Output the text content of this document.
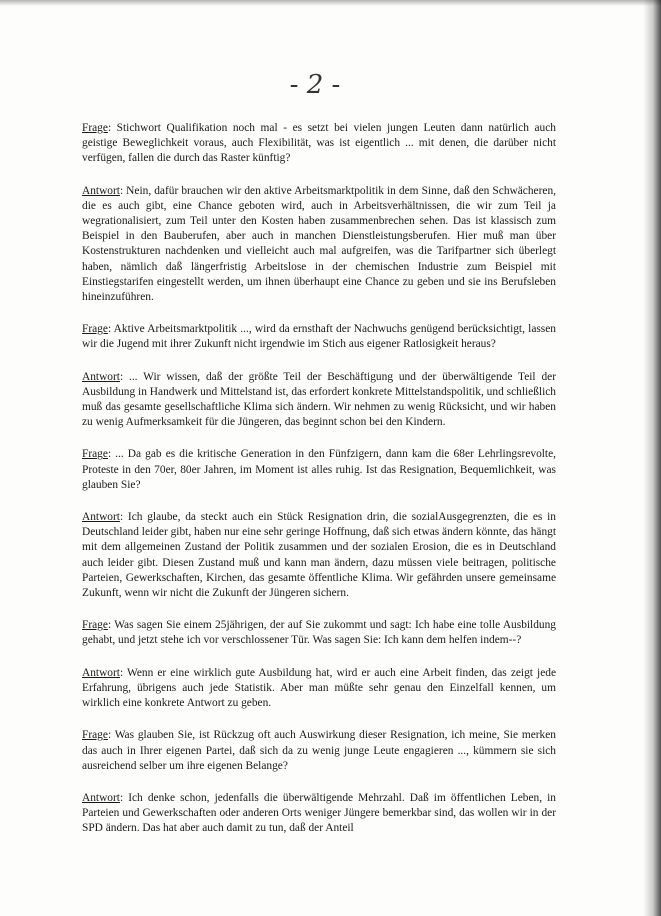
- 2 -

Frage: Stichwort Qualifikation noch mal - es setzt bei vielen jungen Leuten dann natürlich auch geistige Beweglichkeit voraus, auch Flexibilität, was ist eigentlich ... mit denen, die darüber nicht verfügen, fallen die durch das Raster künftig?

Antwort: Nein, dafür brauchen wir den aktive Arbeitsmarktpolitik in dem Sinne, daß den Schwächeren, die es auch gibt, eine Chance geboten wird, auch in Arbeitsverhältnissen, die wir zum Teil ja wegrationalisiert, zum Teil unter den Kosten haben zusammenbrechen sehen. Das ist klassisch zum Beispiel in den Bauberufen, aber auch in manchen Dienstleistungsberufen. Hier muß man über Kostenstrukturen nachdenken und vielleicht auch mal aufgreifen, was die Tarifpartner sich überlegt haben, nämlich daß längerfristig Arbeitslose in der chemischen Industrie zum Beispiel mit Einstiegstarifen eingestellt werden, um ihnen überhaupt eine Chance zu geben und sie ins Berufsleben hineinzuführen.

Frage: Aktive Arbeitsmarktpolitik ..., wird da ernsthaft der Nachwuchs genügend berücksichtigt, lassen wir die Jugend mit ihrer Zukunft nicht irgendwie im Stich aus eigener Ratlosigkeit heraus?

Antwort: ... Wir wissen, daß der größte Teil der Beschäftigung und der überwältigende Teil der Ausbildung in Handwerk und Mittelstand ist, das erfordert konkrete Mittelstandspolitik, und schließlich muß das gesamte gesellschaftliche Klima sich ändern. Wir nehmen zu wenig Rücksicht, und wir haben zu wenig Aufmerksamkeit für die Jüngeren, das beginnt schon bei den Kindern.

Frage: ... Da gab es die kritische Generation in den Fünfzigern, dann kam die 68er Lehrlingsrevolte, Proteste in den 70er, 80er Jahren, im Moment ist alles ruhig. Ist das Resignation, Bequemlichkeit, was glauben Sie?

Antwort: Ich glaube, da steckt auch ein Stück Resignation drin, die sozialAusgegrenzten, die es in Deutschland leider gibt, haben nur eine sehr geringe Hoffnung, daß sich etwas ändern könnte, das hängt mit dem allgemeinen Zustand der Politik zusammen und der sozialen Erosion, die es in Deutschland auch leider gibt. Diesen Zustand muß und kann man ändern, dazu müssen viele beitragen, politische Parteien, Gewerkschaften, Kirchen, das gesamte öffentliche Klima. Wir gefährden unsere gemeinsame Zukunft, wenn wir nicht die Zukunft der Jüngeren sichern.

Frage: Was sagen Sie einem 25jährigen, der auf Sie zukommt und sagt: Ich habe eine tolle Ausbildung gehabt, und jetzt stehe ich vor verschlossener Tür. Was sagen Sie: Ich kann dem helfen indem--?

Antwort: Wenn er eine wirklich gute Ausbildung hat, wird er auch eine Arbeit finden, das zeigt jede Erfahrung, übrigens auch jede Statistik. Aber man müßte sehr genau den Einzelfall kennen, um wirklich eine konkrete Antwort zu geben.

Frage: Was glauben Sie, ist Rückzug oft auch Auswirkung dieser Resignation, ich meine, Sie merken das auch in Ihrer eigenen Partei, daß sich da zu wenig junge Leute engagieren ..., kümmern sie sich ausreichend selber um ihre eigenen Belange?

Antwort: Ich denke schon, jedenfalls die überwältigende Mehrzahl. Daß im öffentlichen Leben, in Parteien und Gewerkschaften oder anderen Orts weniger Jüngere bemerkbar sind, das wollen wir in der SPD ändern. Das hat aber auch damit zu tun, daß der Anteil
